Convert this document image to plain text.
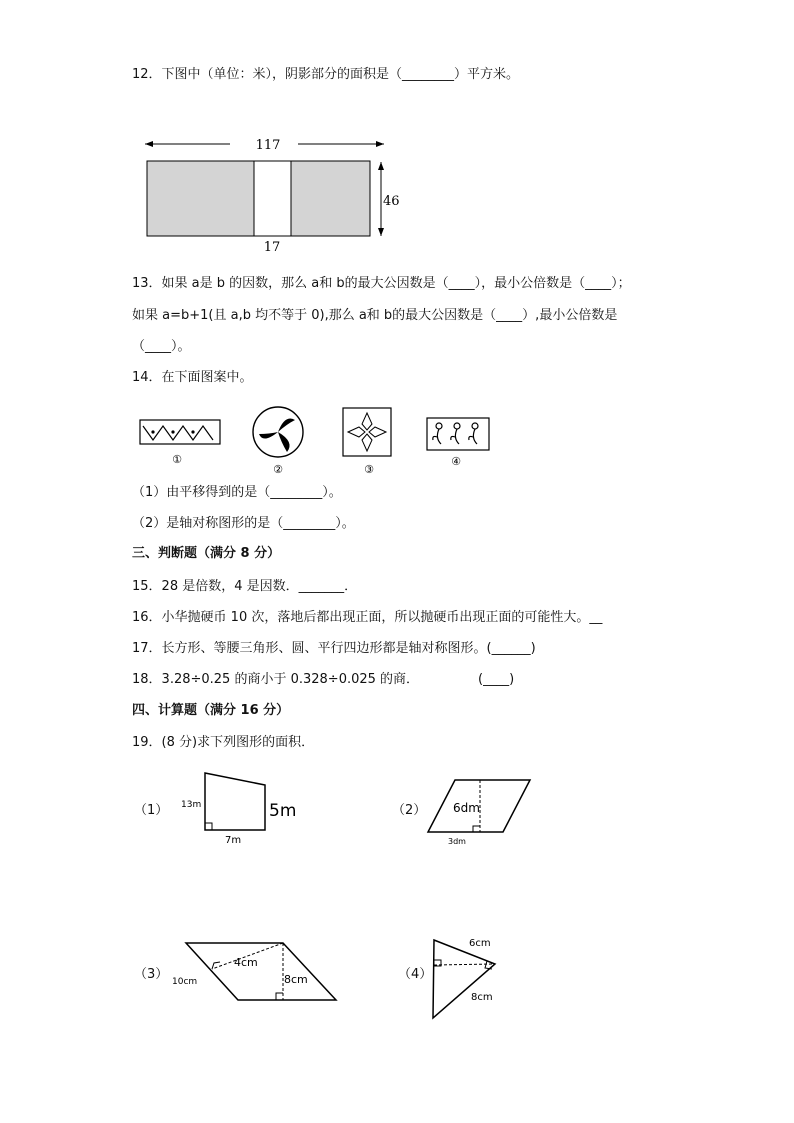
12．下图中（单位：米），阴影部分的面积是（________）平方米。
117
46
17
13．如果 a是 b 的因数，那么 a和 b的最大公因数是（____），最小公倍数是（____）；
如果 a=b+1(且 a,b 均不等于 0),那么 a和 b的最大公因数是（____）,最小公倍数是
（____）。
14．在下面图案中。
①
②	③
④
（1）由平移得到的是（________）。
（2）是轴对称图形的是（________）。
三、判断题（满分 8 分）
15．28 是倍数，4 是因数．_______．
16．小华抛硬币 10 次，落地后都出现正面，所以抛硬币出现正面的可能性大。__
17．长方形、等腰三角形、圆、平行四边形都是轴对称图形。(______)
18．3.28÷0.25 的商小于 0.328÷0.025 的商．	(____)
四、计算题（满分 16 分）
19．(8 分)求下列图形的面积．
（1） 13m	5m
7m
（2） 6dm
3dm
（3）
4cm
8cm
10cm	（4）
6cm
8cm
